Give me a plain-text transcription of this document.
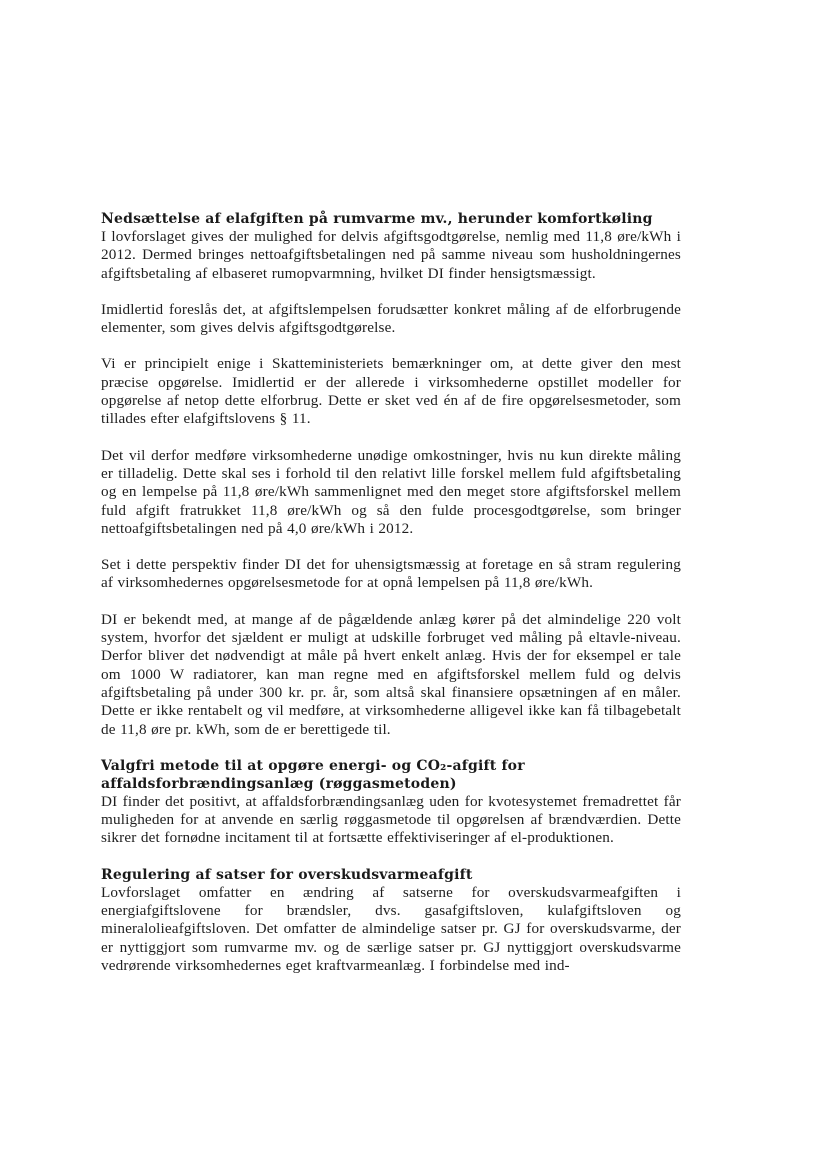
Nedsættelse af elafgiften på rumvarme mv., herunder komfortkøling

I lovforslaget gives der mulighed for delvis afgiftsgodtgørelse, nemlig med 11,8 øre/kWh i 2012. Dermed bringes nettoafgiftsbetalingen ned på samme niveau som husholdningernes afgiftsbetaling af elbaseret rumopvarmning, hvilket DI finder hensigtsmæssigt.

Imidlertid foreslås det, at afgiftslempelsen forudsætter konkret måling af de elforbrugende elementer, som gives delvis afgiftsgodtgørelse.

Vi er principielt enige i Skatteministeriets bemærkninger om, at dette giver den mest præcise opgørelse. Imidlertid er der allerede i virksomhederne opstillet modeller for opgørelse af netop dette elforbrug. Dette er sket ved én af de fire opgørelsesmetoder, som tillades efter elafgiftslovens § 11.

Det vil derfor medføre virksomhederne unødige omkostninger, hvis nu kun direkte måling er tilladelig. Dette skal ses i forhold til den relativt lille forskel mellem fuld afgiftsbetaling og en lempelse på 11,8 øre/kWh sammenlignet med den meget store afgiftsforskel mellem fuld afgift fratrukket 11,8 øre/kWh og så den fulde procesgodtgørelse, som bringer nettoafgiftsbetalingen ned på 4,0 øre/kWh i 2012.

Set i dette perspektiv finder DI det for uhensigtsmæssig at foretage en så stram regulering af virksomhedernes opgørelsesmetode for at opnå lempelsen på 11,8 øre/kWh.

DI er bekendt med, at mange af de pågældende anlæg kører på det almindelige 220 volt system, hvorfor det sjældent er muligt at udskille forbruget ved måling på eltavle-niveau. Derfor bliver det nødvendigt at måle på hvert enkelt anlæg. Hvis der for eksempel er tale om 1000 W radiatorer, kan man regne med en afgiftsforskel mellem fuld og delvis afgiftsbetaling på under 300 kr. pr. år, som altså skal finansiere opsætningen af en måler. Dette er ikke rentabelt og vil medføre, at virksomhederne alligevel ikke kan få tilbagebetalt de 11,8 øre pr. kWh, som de er berettigede til.

Valgfri metode til at opgøre energi- og CO₂-afgift for affaldsforbrændingsanlæg (røggasmetoden)

DI finder det positivt, at affaldsforbrændingsanlæg uden for kvotesystemet fremadrettet får muligheden for at anvende en særlig røggasmetode til opgørelsen af brændværdien. Dette sikrer det fornødne incitament til at fortsætte effektiviseringer af el-produktionen.

Regulering af satser for overskudsvarmeafgift

Lovforslaget omfatter en ændring af satserne for overskudsvarmeafgiften i energiafgiftslovene for brændsler, dvs. gasafgiftsloven, kulafgiftsloven og mineralolieafgiftsloven. Det omfatter de almindelige satser pr. GJ for overskudsvarme, der er nyttiggjort som rumvarme mv. og de særlige satser pr. GJ nyttiggjort overskudsvarme vedrørende virksomhedernes eget kraftvarmeanlæg. I forbindelse med ind-
